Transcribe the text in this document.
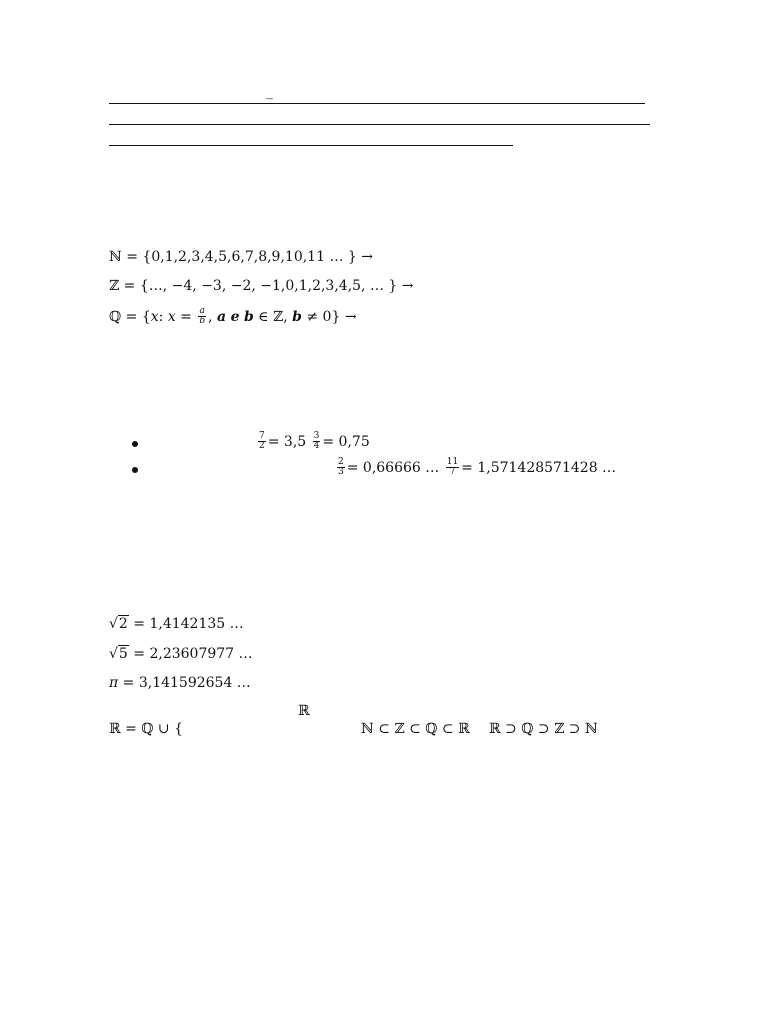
_
ℕ = {0,1,2,3,4,5,6,7,8,9,10,11 … } →
ℤ = {…, −4, −3, −2, −1,0,1,2,3,4,5, … } →
ℚ = {x: $x = \frac{a}{b}$ , a e b ∈ ℤ, b ≠ 0} →
$\frac{7}{2} = 3,5 \frac{3}{4} = 0,75$
$\frac{2}{3} = 0,66666$ … $\frac{11}{7} = 1,571428571428$ …
√2 = 1,4142135 …
√5 = 2,23607977 …
π = 3,141592654 …
ℝ
ℝ = ℚ ∪ {	ℕ ⊂ ℤ ⊂ ℚ ⊂ ℝ ℝ ⊃ ℚ ⊃ ℤ ⊃ ℕ
